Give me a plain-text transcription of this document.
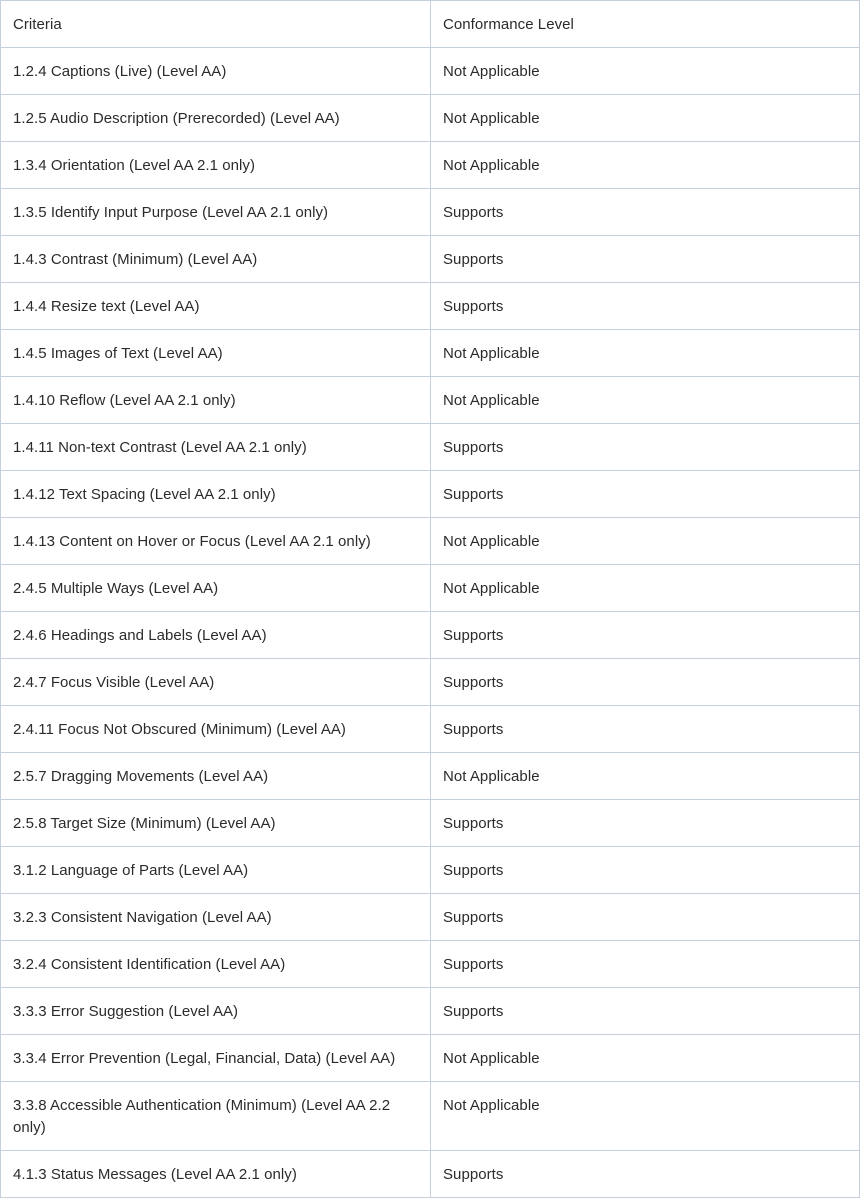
Criteria	Conformance Level
1.2.4 Captions (Live) (Level AA)	Not Applicable
1.2.5 Audio Description (Prerecorded) (Level AA)	Not Applicable
1.3.4 Orientation (Level AA 2.1 only)	Not Applicable
1.3.5 Identify Input Purpose (Level AA 2.1 only)	Supports
1.4.3 Contrast (Minimum) (Level AA)	Supports
1.4.4 Resize text (Level AA)	Supports
1.4.5 Images of Text (Level AA)	Not Applicable
1.4.10 Reflow (Level AA 2.1 only)	Not Applicable
1.4.11 Non-text Contrast (Level AA 2.1 only)	Supports
1.4.12 Text Spacing (Level AA 2.1 only)	Supports
1.4.13 Content on Hover or Focus (Level AA 2.1 only)	Not Applicable
2.4.5 Multiple Ways (Level AA)	Not Applicable
2.4.6 Headings and Labels (Level AA)	Supports
2.4.7 Focus Visible (Level AA)	Supports
2.4.11 Focus Not Obscured (Minimum) (Level AA)	Supports
2.5.7 Dragging Movements (Level AA)	Not Applicable
2.5.8 Target Size (Minimum) (Level AA)	Supports
3.1.2 Language of Parts (Level AA)	Supports
3.2.3 Consistent Navigation (Level AA)	Supports
3.2.4 Consistent Identification (Level AA)	Supports
3.3.3 Error Suggestion (Level AA)	Supports
3.3.4 Error Prevention (Legal, Financial, Data) (Level AA)	Not Applicable
3.3.8 Accessible Authentication (Minimum) (Level AA 2.2 only)	Not Applicable
4.1.3 Status Messages (Level AA 2.1 only)	Supports
